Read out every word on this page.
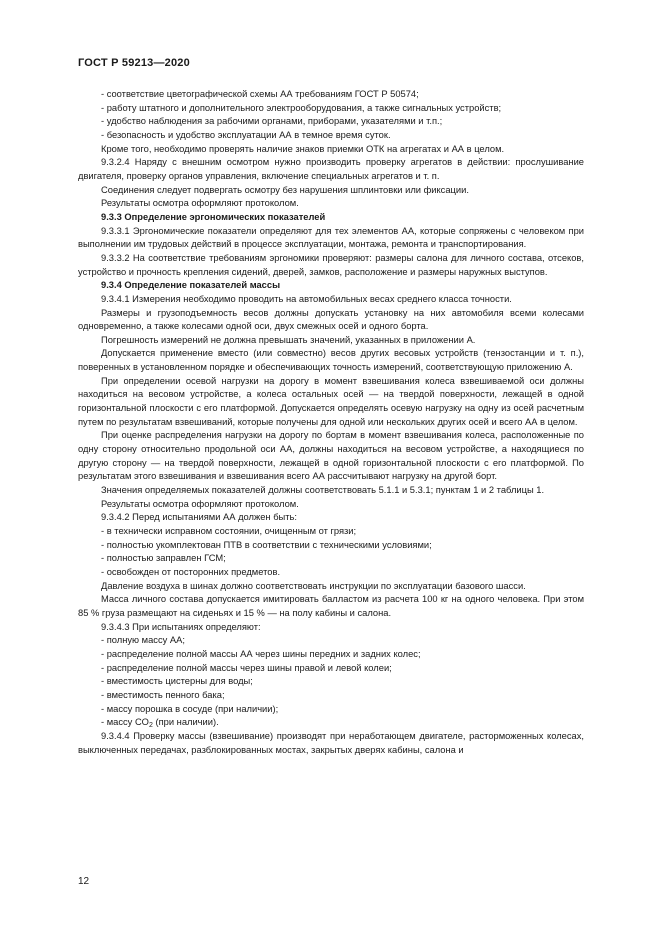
ГОСТ Р 59213—2020

- соответствие цветографической схемы АА требованиям ГОСТ Р 50574;

- работу штатного и дополнительного электрооборудования, а также сигнальных устройств;

- удобство наблюдения за рабочими органами, приборами, указателями и т.п.;

- безопасность и удобство эксплуатации АА в темное время суток.

Кроме того, необходимо проверять наличие знаков приемки ОТК на агрегатах и АА в целом.

9.3.2.4 Наряду с внешним осмотром нужно производить проверку агрегатов в действии: прослушивание двигателя, проверку органов управления, включение специальных агрегатов и т. п.

Соединения следует подвергать осмотру без нарушения шплинтовки или фиксации.

Результаты осмотра оформляют протоколом.

9.3.3 Определение эргономических показателей

9.3.3.1 Эргономические показатели определяют для тех элементов АА, которые сопряжены с человеком при выполнении им трудовых действий в процессе эксплуатации, монтажа, ремонта и транспортирования.

9.3.3.2 На соответствие требованиям эргономики проверяют: размеры салона для личного состава, отсеков, устройство и прочность крепления сидений, дверей, замков, расположение и размеры наружных выступов.

9.3.4 Определение показателей массы

9.3.4.1 Измерения необходимо проводить на автомобильных весах среднего класса точности.

Размеры и грузоподъемность весов должны допускать установку на них автомобиля всеми колесами одновременно, а также колесами одной оси, двух смежных осей и одного борта.

Погрешность измерений не должна превышать значений, указанных в приложении А.

Допускается применение вместо (или совместно) весов других весовых устройств (тензостанции и т. п.), поверенных в установленном порядке и обеспечивающих точность измерений, соответствующую приложению А.

При определении осевой нагрузки на дорогу в момент взвешивания колеса взвешиваемой оси должны находиться на весовом устройстве, а колеса остальных осей — на твердой поверхности, лежащей в одной горизонтальной плоскости с его платформой. Допускается определять осевую нагрузку на одну из осей расчетным путем по результатам взвешиваний, которые получены для одной или нескольких других осей и всего АА в целом.

При оценке распределения нагрузки на дорогу по бортам в момент взвешивания колеса, расположенные по одну сторону относительно продольной оси АА, должны находиться на весовом устройстве, а находящиеся по другую сторону — на твердой поверхности, лежащей в одной горизонтальной плоскости с его платформой. По результатам этого взвешивания и взвешивания всего АА рассчитывают нагрузку на другой борт.

Значения определяемых показателей должны соответствовать 5.1.1 и 5.3.1; пунктам 1 и 2 таблицы 1.

Результаты осмотра оформляют протоколом.

9.3.4.2 Перед испытаниями АА должен быть:

- в технически исправном состоянии, очищенным от грязи;

- полностью укомплектован ПТВ в соответствии с техническими условиями;

- полностью заправлен ГСМ;

- освобожден от посторонних предметов.

Давление воздуха в шинах должно соответствовать инструкции по эксплуатации базового шасси.

Масса личного состава допускается имитировать балластом из расчета 100 кг на одного человека. При этом 85 % груза размещают на сиденьях и 15 % — на полу кабины и салона.

9.3.4.3 При испытаниях определяют:

- полную массу АА;

- распределение полной массы АА через шины передних и задних колес;

- распределение полной массы через шины правой и левой колеи;

- вместимость цистерны для воды;

- вместимость пенного бака;

- массу порошка в сосуде (при наличии);

- массу $CO_2$ (при наличии).

9.3.4.4 Проверку массы (взвешивание) производят при неработающем двигателе, расторможенных колесах, выключенных передачах, разблокированных мостах, закрытых дверях кабины, салона и

12
